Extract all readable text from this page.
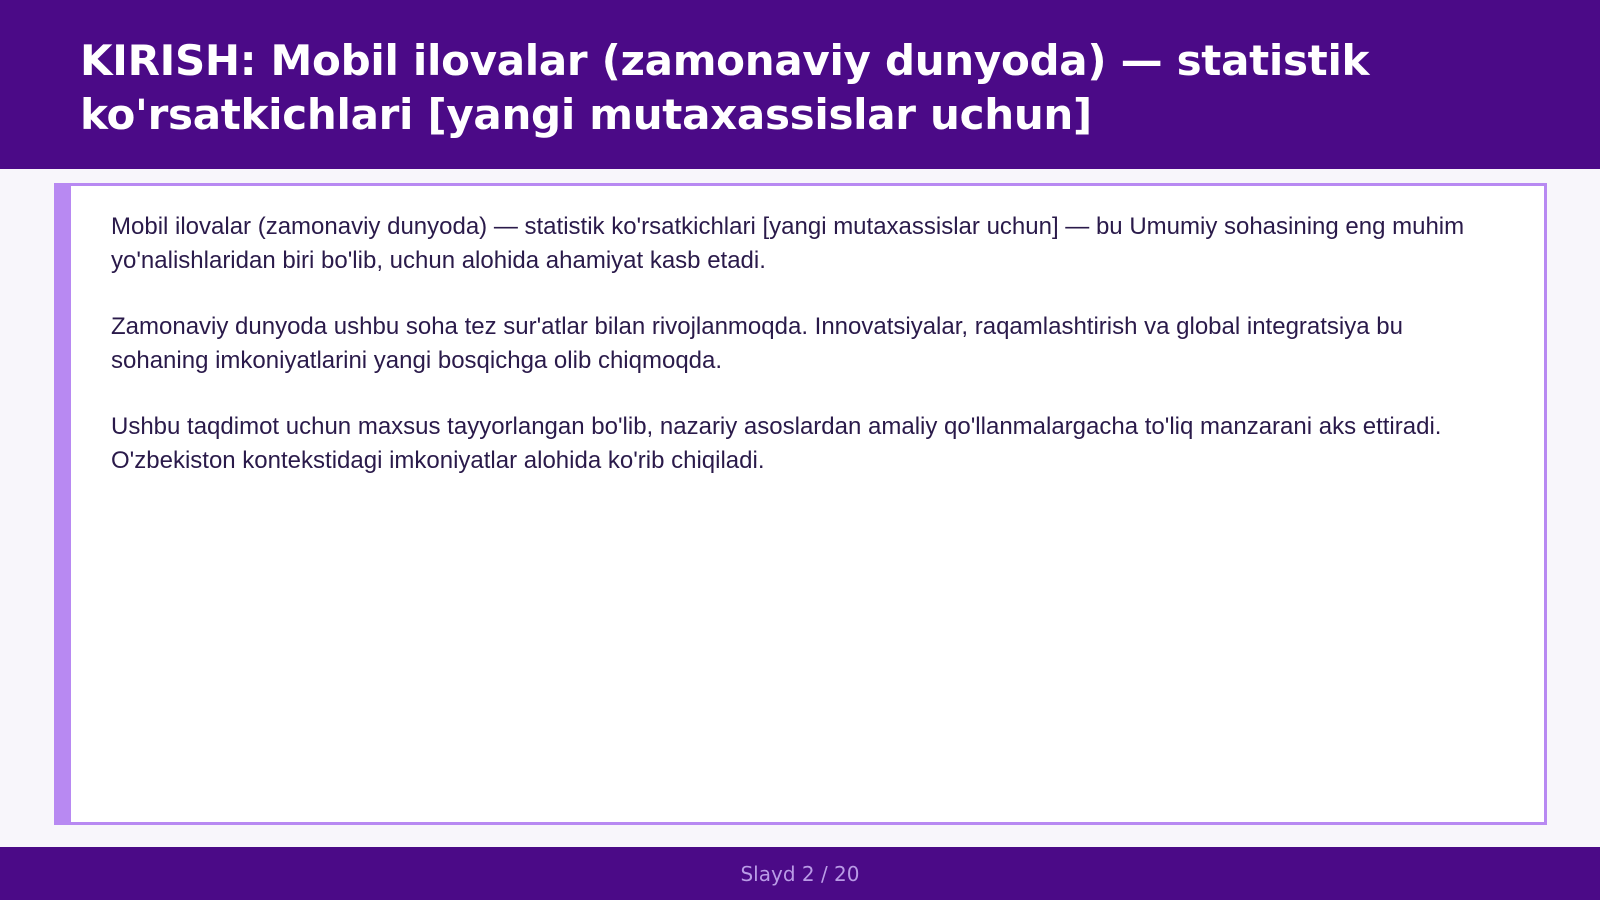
KIRISH: Mobil ilovalar (zamonaviy dunyoda) — statistik ko'rsatkichlari [yangi mutaxassislar uchun]

Mobil ilovalar (zamonaviy dunyoda) — statistik ko'rsatkichlari [yangi mutaxassislar uchun] — bu Umumiy sohasining eng muhim yo'nalishlaridan biri bo'lib, uchun alohida ahamiyat kasb etadi.

Zamonaviy dunyoda ushbu soha tez sur'atlar bilan rivojlanmoqda. Innovatsiyalar, raqamlashtirish va global integratsiya bu sohaning imkoniyatlarini yangi bosqichga olib chiqmoqda.

Ushbu taqdimot uchun maxsus tayyorlangan bo'lib, nazariy asoslardan amaliy qo'llanmalargacha to'liq manzarani aks ettiradi. O'zbekiston kontekstidagi imkoniyatlar alohida ko'rib chiqiladi.

Slayd 2 / 20
